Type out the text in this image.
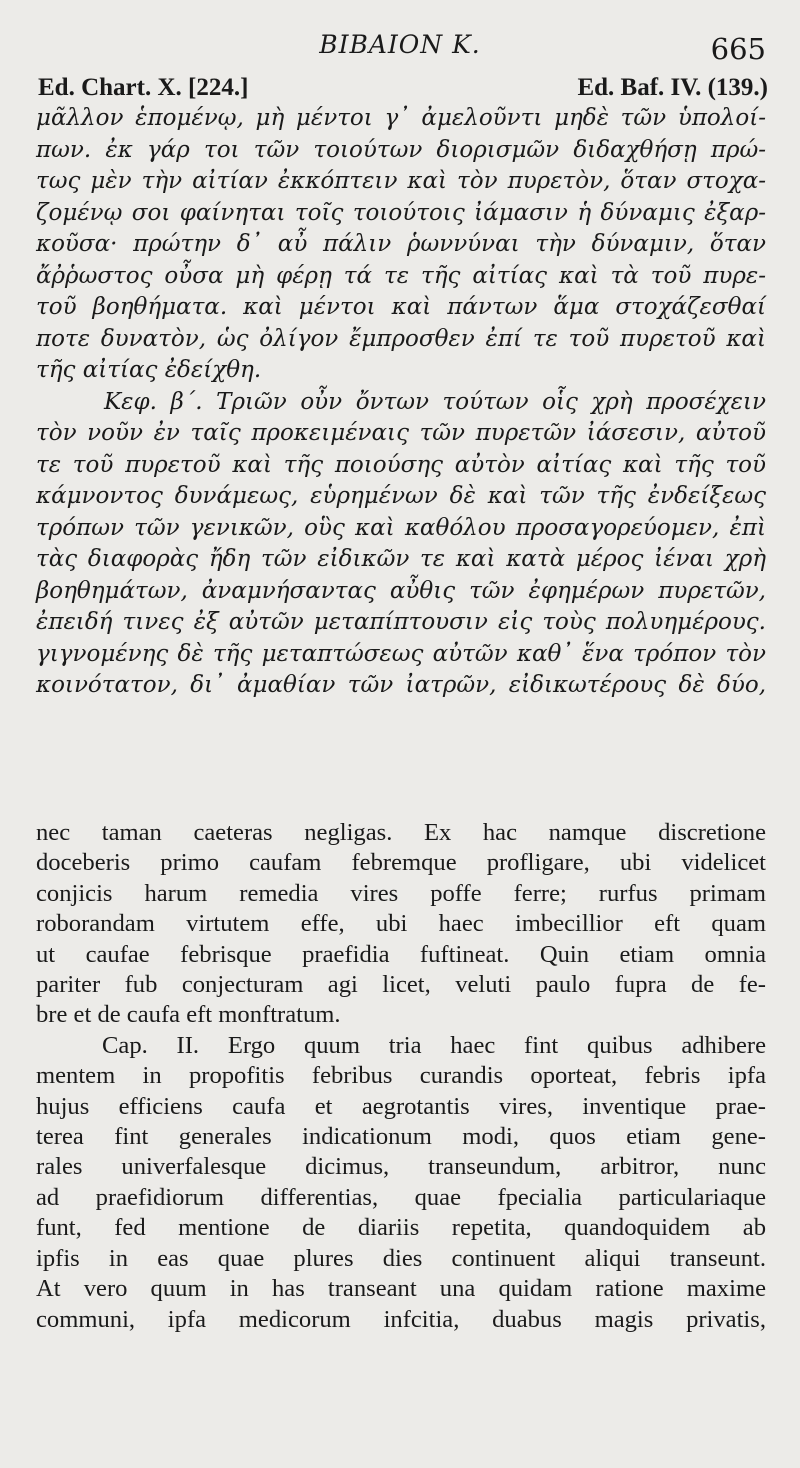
BIBAION K.	665
Ed. Chart. X. [224.]	Ed. Baf. IV. (139.)
μᾶλλον ἑπομένῳ, μὴ μέντοι γ᾽ ἀμελοῦντι μηδὲ τῶν ὑπολοί-
πων. ἐκ γάρ τοι τῶν τοιούτων διορισμῶν διδαχθήσῃ πρώ-
τως μὲν τὴν αἰτίαν ἐκκόπτειν καὶ τὸν πυρετὸν, ὅταν στοχα-
ζομένῳ σοι φαίνηται τοῖς τοιούτοις ἰάμασιν ἡ δύναμις ἐξαρ-
κοῦσα· πρώτην δ᾽ αὖ πάλιν ῥωννύναι τὴν δύναμιν, ὅταν
ἄῤῥωστος οὖσα μὴ φέρῃ τά τε τῆς αἰτίας καὶ τὰ τοῦ πυρε-
τοῦ βοηθήματα. καὶ μέντοι καὶ πάντων ἅμα στοχάζεσθαί
ποτε δυνατὸν, ὡς ὀλίγον ἔμπροσθεν ἐπί τε τοῦ πυρετοῦ καὶ
τῆς αἰτίας ἐδείχθη.
Κεφ. β΄. Τριῶν οὖν ὄντων τούτων οἷς χρὴ προσέχειν
τὸν νοῦν ἐν ταῖς προκειμέναις τῶν πυρετῶν ἰάσεσιν, αὐτοῦ
τε τοῦ πυρετοῦ καὶ τῆς ποιούσης αὐτὸν αἰτίας καὶ τῆς τοῦ
κάμνοντος δυνάμεως, εὑρημένων δὲ καὶ τῶν τῆς ἐνδείξεως
τρόπων τῶν γενικῶν, οὓς καὶ καθόλου προσαγορεύομεν, ἐπὶ
τὰς διαφορὰς ἤδη τῶν εἰδικῶν τε καὶ κατὰ μέρος ἰέναι χρὴ
βοηθημάτων, ἀναμνήσαντας αὖθις τῶν ἐφημέρων πυρετῶν,
ἐπειδή τινες ἐξ αὐτῶν μεταπίπτουσιν εἰς τοὺς πολυημέρους.
γιγνομένης δὲ τῆς μεταπτώσεως αὐτῶν καθ᾽ ἕνα τρόπον τὸν
κοινότατον, δι᾽ ἀμαθίαν τῶν ἰατρῶν, εἰδικωτέρους δὲ δύο,
nec taman caeteras negligas. Ex hac namque discretione
doceberis primo caufam febremque profligare, ubi videlicet
conjicis harum remedia vires poffe ferre; rurfus primam
roborandam virtutem effe, ubi haec imbecillior eft quam
ut caufae febrisque praefidia fuftineat. Quin etiam omnia
pariter fub conjecturam agi licet, veluti paulo fupra de fe-
bre et de caufa eft monftratum.
Cap. II. Ergo quum tria haec fint quibus adhibere
mentem in propofitis febribus curandis oporteat, febris ipfa
hujus efficiens caufa et aegrotantis vires, inventique prae-
terea fint generales indicationum modi, quos etiam gene-
rales univerfalesque dicimus, transeundum, arbitror, nunc
ad praefidiorum differentias, quae fpecialia particulariaque
funt, fed mentione de diariis repetita, quandoquidem ab
ipfis in eas quae plures dies continuent aliqui transeunt.
At vero quum in has transeant una quidam ratione maxime
communi, ipfa medicorum infcitia, duabus magis privatis,
